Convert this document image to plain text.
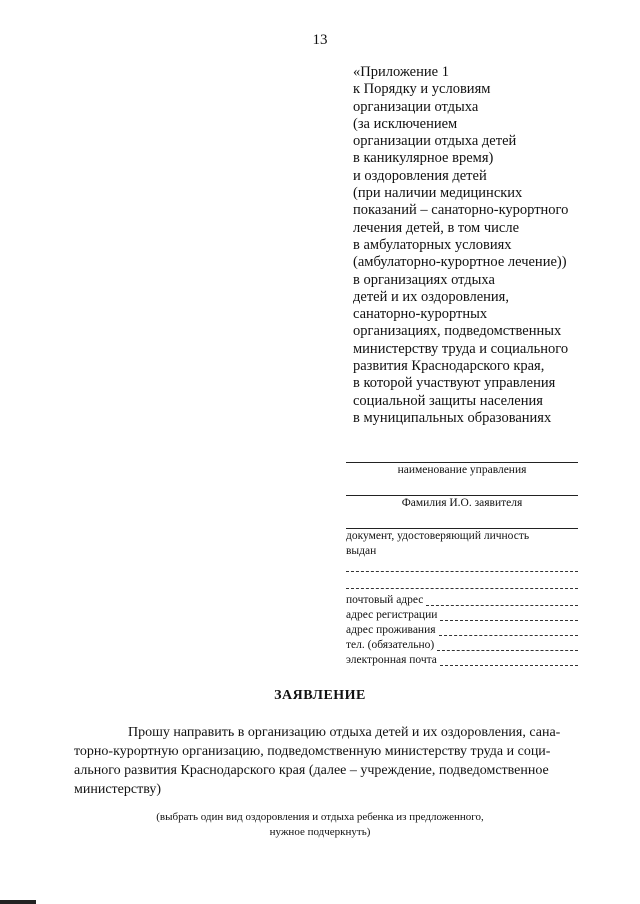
13
«Приложение 1
к Порядку и условиям
организации отдыха
(за исключением
организации отдыха детей
в каникулярное время)
и оздоровления детей
(при наличии медицинских
показаний – санаторно-курортного
лечения детей, в том числе
в амбулаторных условиях
(амбулаторно-курортное лечение))
в организациях отдыха
детей и их оздоровления,
санаторно-курортных
организациях, подведомственных
министерству труда и социального
развития Краснодарского края,
в которой участвуют управления
социальной защиты населения
в муниципальных образованиях
наименование управления
Фамилия И.О. заявителя
документ, удостоверяющий личность
выдан
почтовый адрес
адрес регистрации
адрес проживания
тел. (обязательно)
электронная почта
ЗАЯВЛЕНИЕ
Прошу направить в организацию отдыха детей и их оздоровления, сана-
торно-курортную организацию, подведомственную министерству труда и соци-
ального развития Краснодарского края (далее – учреждение, подведомственное
министерству)
(выбрать один вид оздоровления и отдыха ребенка из предложенного,
нужное подчеркнуть)
